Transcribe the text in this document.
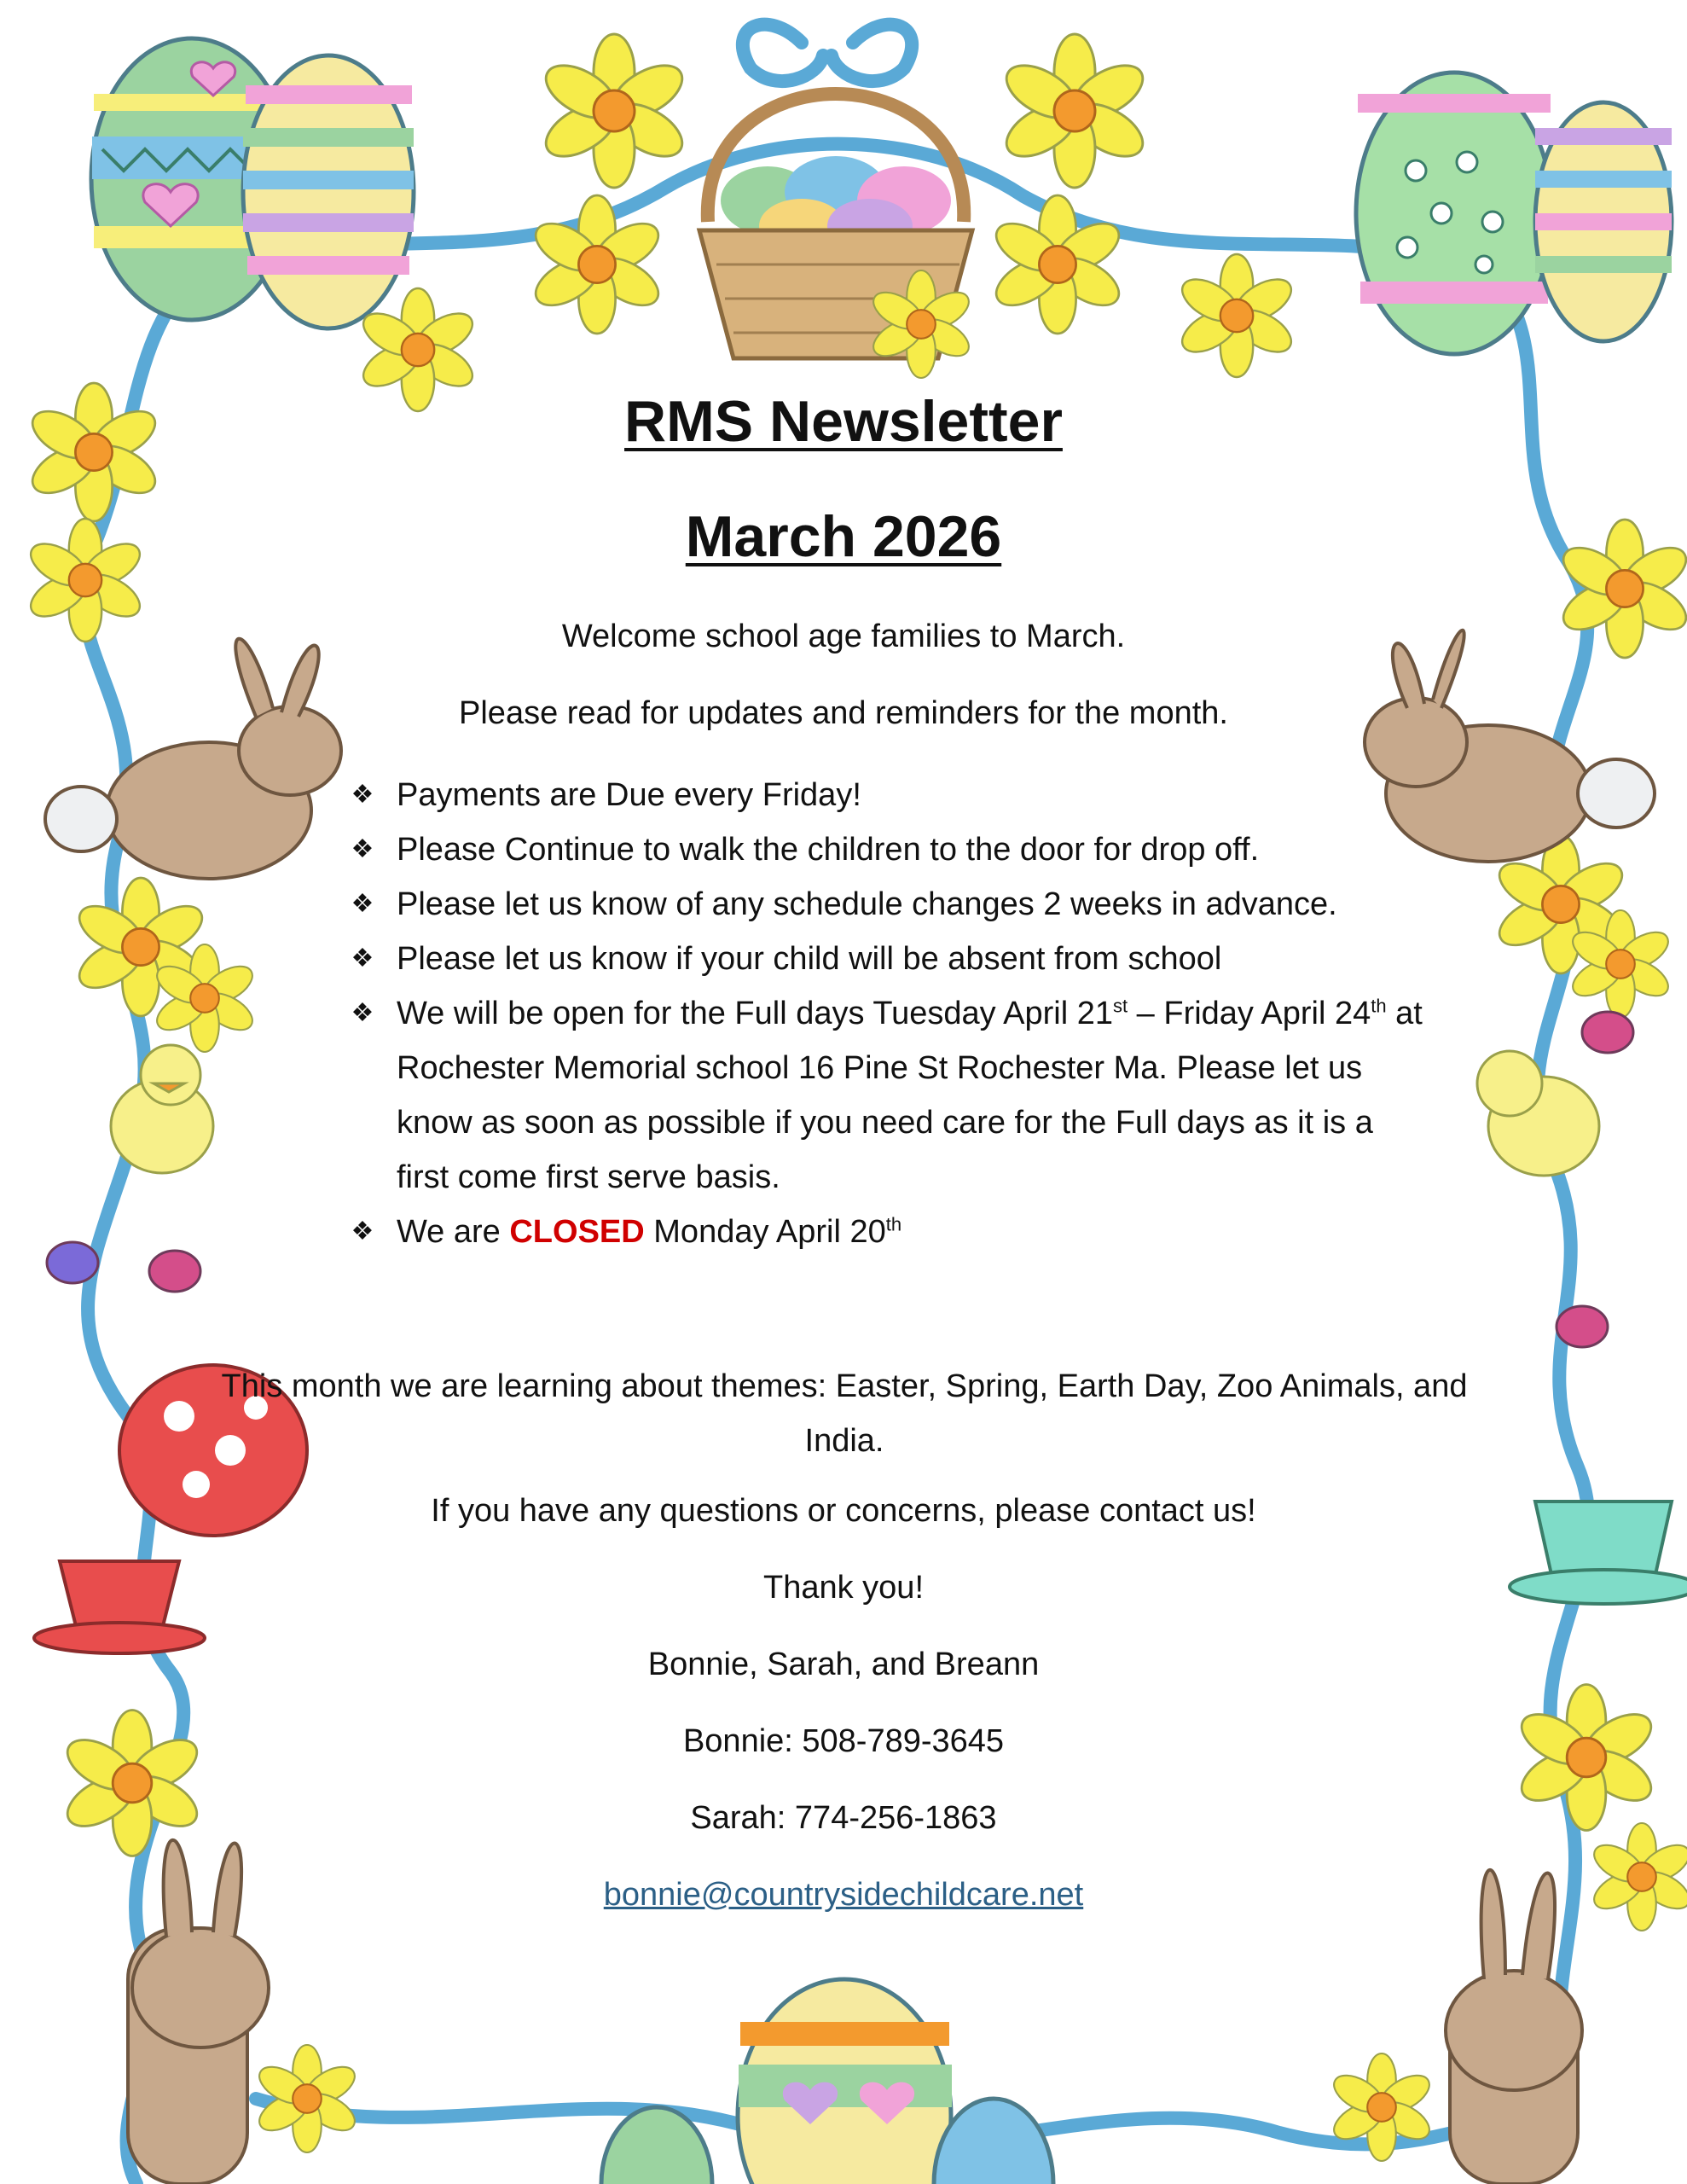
RMS Newsletter
March 2026
Welcome school age families to March.
Please read for updates and reminders for the month.
❖ Payments are Due every Friday!
❖ Please Continue to walk the children to the door for drop off.
❖ Please let us know of any schedule changes 2 weeks in advance.
❖ Please let us know if your child will be absent from school
❖ We will be open for the Full days Tuesday April 21st – Friday April 24th at Rochester Memorial school 16 Pine St Rochester Ma. Please let us know as soon as possible if you need care for the Full days as it is a first come first serve basis.
❖ We are CLOSED Monday April 20th
This month we are learning about themes: Easter, Spring, Earth Day, Zoo Animals, and India.
If you have any questions or concerns, please contact us!
Thank you!
Bonnie, Sarah, and Breann
Bonnie: 508-789-3645
Sarah: 774-256-1863
bonnie@countrysidechildcare.net
